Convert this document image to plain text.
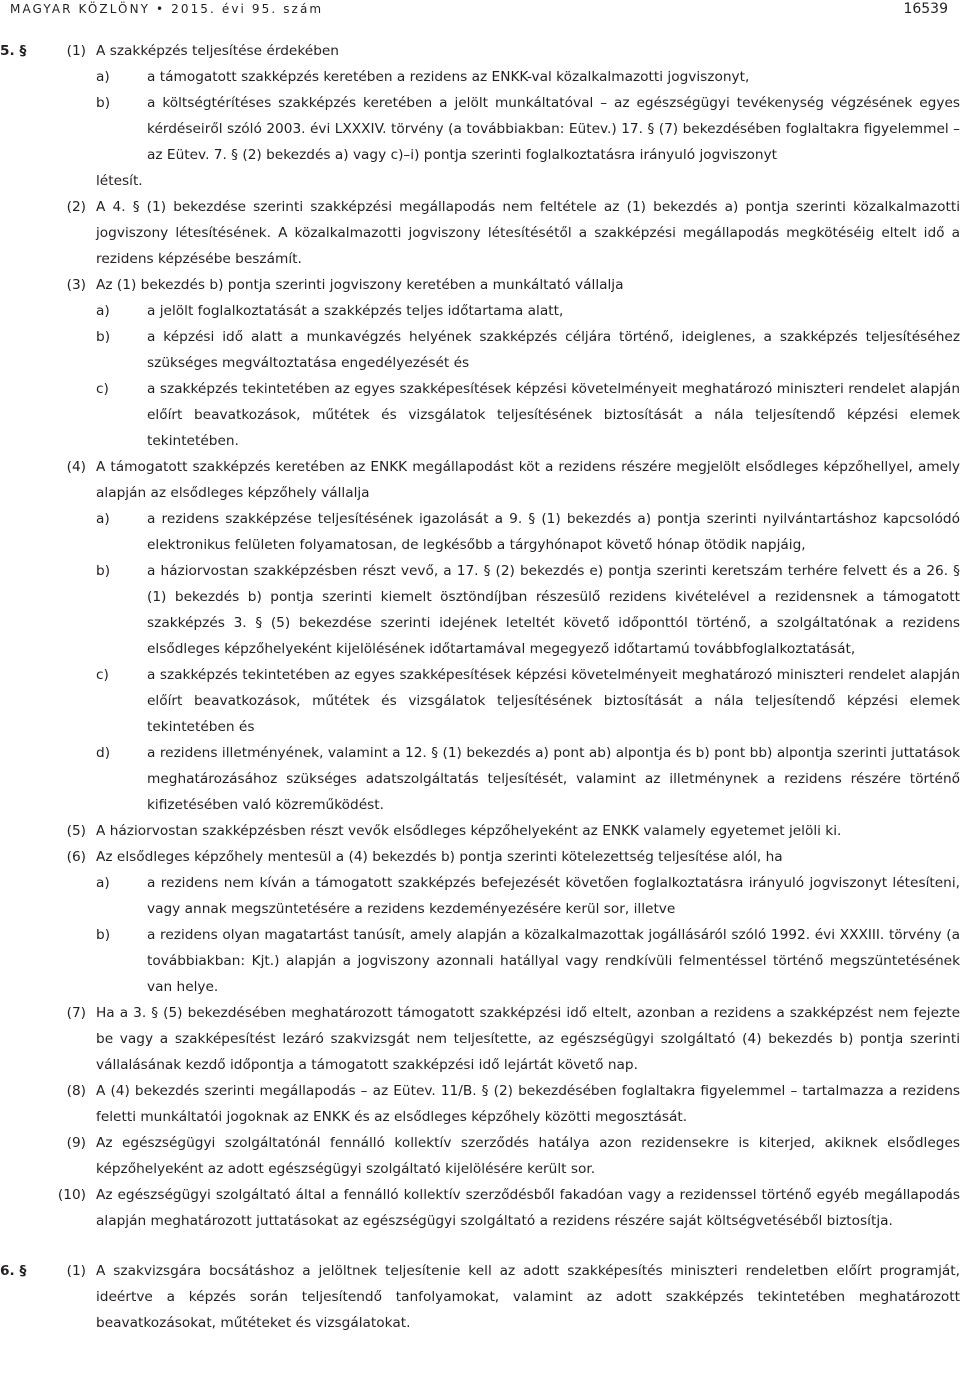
MAGYAR KÖZLÖNY • 2015. évi 95. szám	16539
5. §	(1) A szakképzés teljesítése érdekében
a)	a támogatott szakképzés keretében a rezidens az ENKK-val közalkalmazotti jogviszonyt,
b)	a költségtérítéses szakképzés keretében a jelölt munkáltatóval – az egészségügyi tevékenység végzésének egyes kérdéseiről szóló 2003. évi LXXXIV. törvény (a továbbiakban: Eütev.) 17. § (7) bekezdésében foglaltakra figyelemmel – az Eütev. 7. § (2) bekezdés a) vagy c)–i) pontja szerinti foglalkoztatásra irányuló jogviszonyt
létesít.
(2) A 4. § (1) bekezdése szerinti szakképzési megállapodás nem feltétele az (1) bekezdés a) pontja szerinti közalkalmazotti jogviszony létesítésének. A közalkalmazotti jogviszony létesítésétől a szakképzési megállapodás megkötéséig eltelt idő a rezidens képzésébe beszámít.
(3) Az (1) bekezdés b) pontja szerinti jogviszony keretében a munkáltató vállalja
a)	a jelölt foglalkoztatását a szakképzés teljes időtartama alatt,
b)	a képzési idő alatt a munkavégzés helyének szakképzés céljára történő, ideiglenes, a szakképzés teljesítéséhez szükséges megváltoztatása engedélyezését és
c)	a szakképzés tekintetében az egyes szakképesítések képzési követelményeit meghatározó miniszteri rendelet alapján előírt beavatkozások, műtétek és vizsgálatok teljesítésének biztosítását a nála teljesítendő képzési elemek tekintetében.
(4) A támogatott szakképzés keretében az ENKK megállapodást köt a rezidens részére megjelölt elsődleges képzőhellyel, amely alapján az elsődleges képzőhely vállalja
a)	a rezidens szakképzése teljesítésének igazolását a 9. § (1) bekezdés a) pontja szerinti nyilvántartáshoz kapcsolódó elektronikus felületen folyamatosan, de legkésőbb a tárgyhónapot követő hónap ötödik napjáig,
b)	a háziorvostan szakképzésben részt vevő, a 17. § (2) bekezdés e) pontja szerinti keretszám terhére felvett és a 26. § (1) bekezdés b) pontja szerinti kiemelt ösztöndíjban részesülő rezidens kivételével a rezidensnek a támogatott szakképzés 3. § (5) bekezdése szerinti idejének leteltét követő időponttól történő, a szolgáltatónak a rezidens elsődleges képzőhelyeként kijelölésének időtartamával megegyező időtartamú továbbfoglalkoztatását,
c)	a szakképzés tekintetében az egyes szakképesítések képzési követelményeit meghatározó miniszteri rendelet alapján előírt beavatkozások, műtétek és vizsgálatok teljesítésének biztosítását a nála teljesítendő képzési elemek tekintetében és
d)	a rezidens illetményének, valamint a 12. § (1) bekezdés a) pont ab) alpontja és b) pont bb) alpontja szerinti juttatások meghatározásához szükséges adatszolgáltatás teljesítését, valamint az illetménynek a rezidens részére történő kifizetésében való közreműködést.
(5) A háziorvostan szakképzésben részt vevők elsődleges képzőhelyeként az ENKK valamely egyetemet jelöli ki.
(6) Az elsődleges képzőhely mentesül a (4) bekezdés b) pontja szerinti kötelezettség teljesítése alól, ha
a)	a rezidens nem kíván a támogatott szakképzés befejezését követően foglalkoztatásra irányuló jogviszonyt létesíteni, vagy annak megszüntetésére a rezidens kezdeményezésére kerül sor, illetve
b)	a rezidens olyan magatartást tanúsít, amely alapján a közalkalmazottak jogállásáról szóló 1992. évi XXXIII. törvény (a továbbiakban: Kjt.) alapján a jogviszony azonnali hatállyal vagy rendkívüli felmentéssel történő megszüntetésének van helye.
(7) Ha a 3. § (5) bekezdésében meghatározott támogatott szakképzési idő eltelt, azonban a rezidens a szakképzést nem fejezte be vagy a szakképesítést lezáró szakvizsgát nem teljesítette, az egészségügyi szolgáltató (4) bekezdés b) pontja szerinti vállalásának kezdő időpontja a támogatott szakképzési idő lejártát követő nap.
(8) A (4) bekezdés szerinti megállapodás – az Eütev. 11/B. § (2) bekezdésében foglaltakra figyelemmel – tartalmazza a rezidens feletti munkáltatói jogoknak az ENKK és az elsődleges képzőhely közötti megosztását.
(9) Az egészségügyi szolgáltatónál fennálló kollektív szerződés hatálya azon rezidensekre is kiterjed, akiknek elsődleges képzőhelyeként az adott egészségügyi szolgáltató kijelölésére került sor.
(10) Az egészségügyi szolgáltató által a fennálló kollektív szerződésből fakadóan vagy a rezidenssel történő egyéb megállapodás alapján meghatározott juttatásokat az egészségügyi szolgáltató a rezidens részére saját költségvetéséből biztosítja.
6. §	(1) A szakvizsgára bocsátáshoz a jelöltnek teljesítenie kell az adott szakképesítés miniszteri rendeletben előírt programját, ideértve a képzés során teljesítendő tanfolyamokat, valamint az adott szakképzés tekintetében meghatározott beavatkozásokat, műtéteket és vizsgálatokat.
